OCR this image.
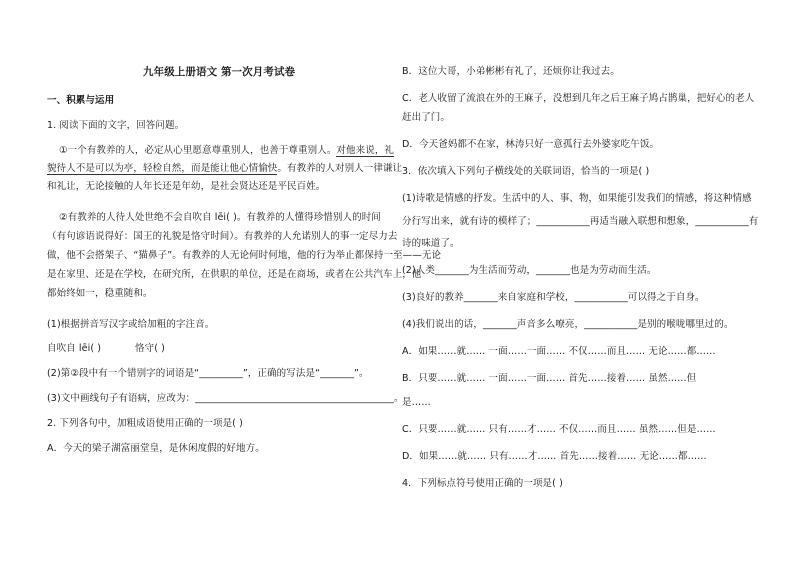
九年级上册语文 第一次月考试卷
一、积累与运用
1. 阅读下面的文字，回答问题。
①一个有教养的人，必定从心里愿意尊重别人，也善于尊重别人。对他来说，礼
貌待人不是可以为亭，轻检自然，而是能让他心情愉快。有教养的人对别人一律谦让
和礼让，无论接触的人年长还是年幼，是社会贤达还是平民百姓。
②有教养的人待人处世绝不会自吹自 lēi( )。有教养的人懂得珍惜别人的时间
（有句谚语说得好：国王的礼貌是恪守时间）。有教养的人允诺别人的事一定尽力去
做，他不会搭架子、“猫鼻子”。有教养的人无论何时何地，他的行为举止都保持一至——无论
是在家里、还是在学校，在研究所，在供职的单位，还是在商场，或者在公共汽车上，他
都始终如一，稳重随和。
(1)根据拼音写汉字或给加粗的字注音。
自吹自 lēi( )	恪守( )
(2)第②段中有一个错别字的词语是“_________”，正确的写法是“_______”。
(3)文中画线句子有语病，应改为：_________________________________________。
2. 下列各句中，加粗成语使用正确的一项是( )
A．今天的梁子湖富丽堂皇，是休闲度假的好地方。
B．这位大哥，小弟彬彬有礼了，还烦你让我过去。
C．老人收留了流浪在外的王麻子，没想到几年之后王麻子鸠占鹊巢，把好心的老人
赶出了门。
D．今天爸妈都不在家，林涛只好一意孤行去外婆家吃午饭。
3．依次填入下列句子横线处的关联词语，恰当的一项是( )
(1)诗歌是情感的抒发。生活中的人、事、物，如果能引发我们的情感，将这种情感
分行写出来，就有诗的模样了；___________再适当融入联想和想象，___________有
诗的味道了。
(2)人类_______为生活而劳动，_______也是为劳动而生活。
(3)良好的教养_______来自家庭和学校，___________可以得之于自身。
(4)我们说出的话，_______声音多么嘹亮，___________是别的喉咙哪里过的。
A．如果……就…… 一面……一面…… 不仅……而且…… 无论……都……
B．只要……就…… 一面……一面…… 首先……接着…… 虽然……但
是……
C．只要……就…… 只有……才…… 不仅……而且…… 虽然……但是……
D．如果……就…… 只有……才…… 首先……接着…… 无论……都……
4．下列标点符号使用正确的一项是( )
